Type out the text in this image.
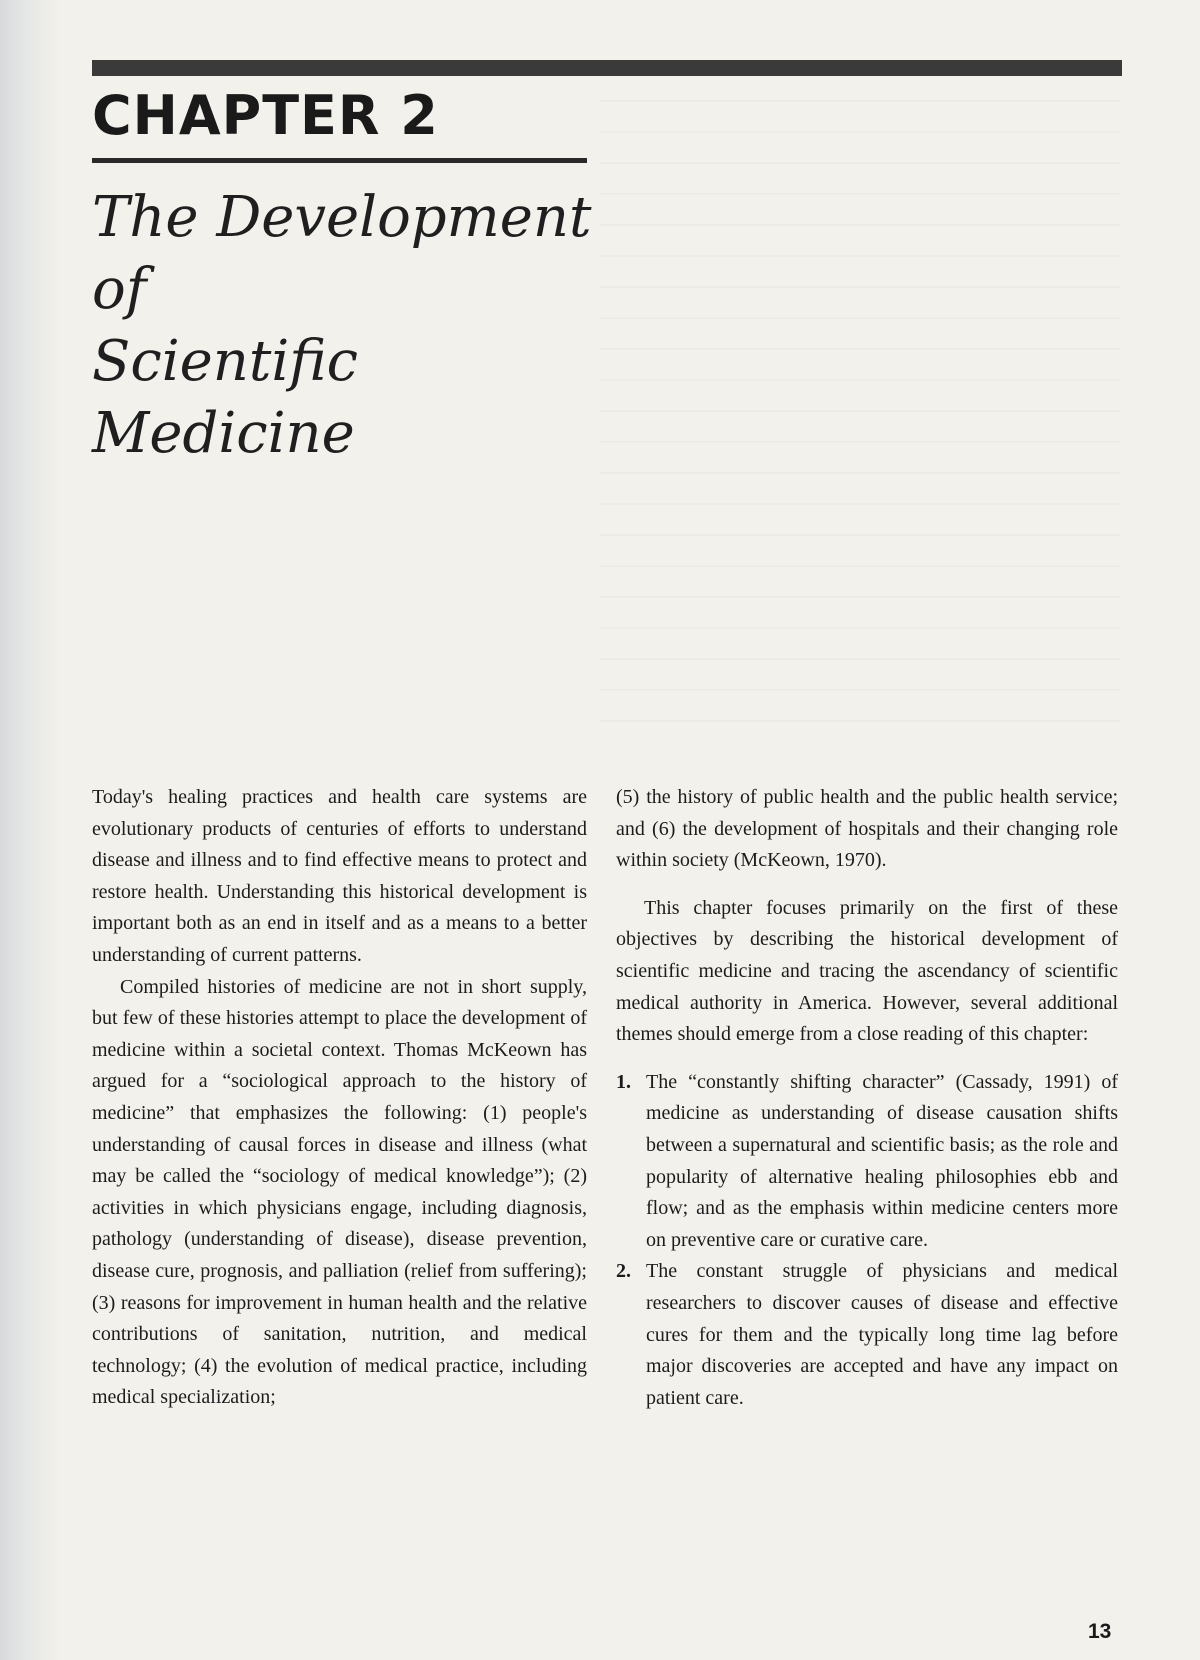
CHAPTER 2
The Development of
Scientific Medicine

Today's healing practices and health care systems are evolutionary products of centuries of efforts to understand disease and illness and to find effective means to protect and restore health. Understanding this historical development is important both as an end in itself and as a means to a better understanding of current patterns.

Compiled histories of medicine are not in short supply, but few of these histories attempt to place the development of medicine within a societal context. Thomas McKeown has argued for a “sociological approach to the history of medicine” that emphasizes the following: (1) people's understanding of causal forces in disease and illness (what may be called the “sociology of medical knowledge”); (2) activities in which physicians engage, including diagnosis, pathology (understanding of disease), disease prevention, disease cure, prognosis, and palliation (relief from suffering); (3) reasons for improvement in human health and the relative contributions of sanitation, nutrition, and medical technology; (4) the evolution of medical practice, including medical specialization;

(5) the history of public health and the public health service; and (6) the development of hospitals and their changing role within society (McKeown, 1970).

This chapter focuses primarily on the first of these objectives by describing the historical development of scientific medicine and tracing the ascendancy of scientific medical authority in America. However, several additional themes should emerge from a close reading of this chapter:

1. The “constantly shifting character” (Cassady, 1991) of medicine as understanding of disease causation shifts between a supernatural and scientific basis; as the role and popularity of alternative healing philosophies ebb and flow; and as the emphasis within medicine centers more on preventive care or curative care.
2. The constant struggle of physicians and medical researchers to discover causes of disease and effective cures for them and the typically long time lag before major discoveries are accepted and have any impact on patient care.
13
